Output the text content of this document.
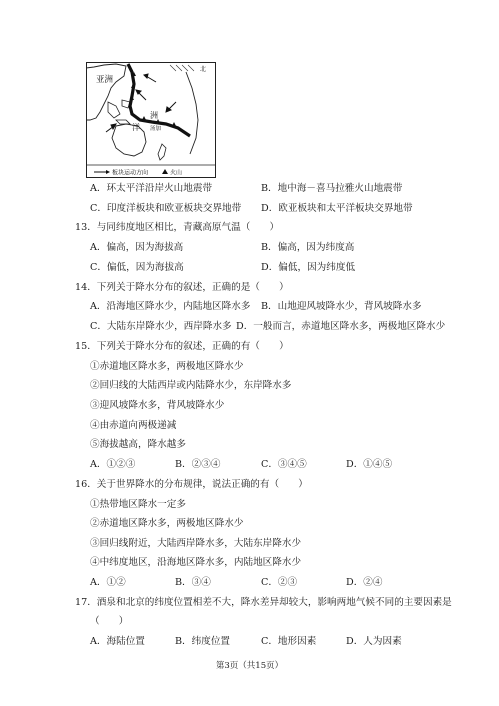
亚洲
北
洲
洋 汤加
板块运动方向	火山
A．环太平洋沿岸火山地震带	B．地中海－喜马拉雅火山地震带
C．印度洋板块和欧亚板块交界地带 D．欧亚板块和太平洋板块交界地带
13．与同纬度地区相比，青藏高原气温（　　）
A．偏高，因为海拔高	B．偏高，因为纬度高
C．偏低，因为海拔高	D．偏低，因为纬度低
14．下列关于降水分布的叙述，正确的是（　　）
A．沿海地区降水少，内陆地区降水多 B．山地迎风坡降水少，背风坡降水多
C．大陆东岸降水少，西岸降水多 D．一般而言，赤道地区降水多，两极地区降水少
15．下列关于降水分布的叙述，正确的有（　　）
①赤道地区降水多，两极地区降水少
②回归线的大陆西岸或内陆降水少，东岸降水多
③迎风坡降水多，背风坡降水少
④由赤道向两极递减
⑤海拔越高，降水越多
A．①②③	B．②③④	C．③④⑤	D．①④⑤
16．关于世界降水的分布规律，说法正确的有（　　）
①热带地区降水一定多
②赤道地区降水多，两极地区降水少
③回归线附近，大陆西岸降水多，大陆东岸降水少
④中纬度地区，沿海地区降水多，内陆地区降水少
A．①②	B．③④	C．②③	D．②④
17．酒泉和北京的纬度位置相差不大，降水差异却较大，影响两地气候不同的主要因素是
（　　）
A．海陆位置	B．纬度位置	C．地形因素	D．人为因素
第3页（共15页）
